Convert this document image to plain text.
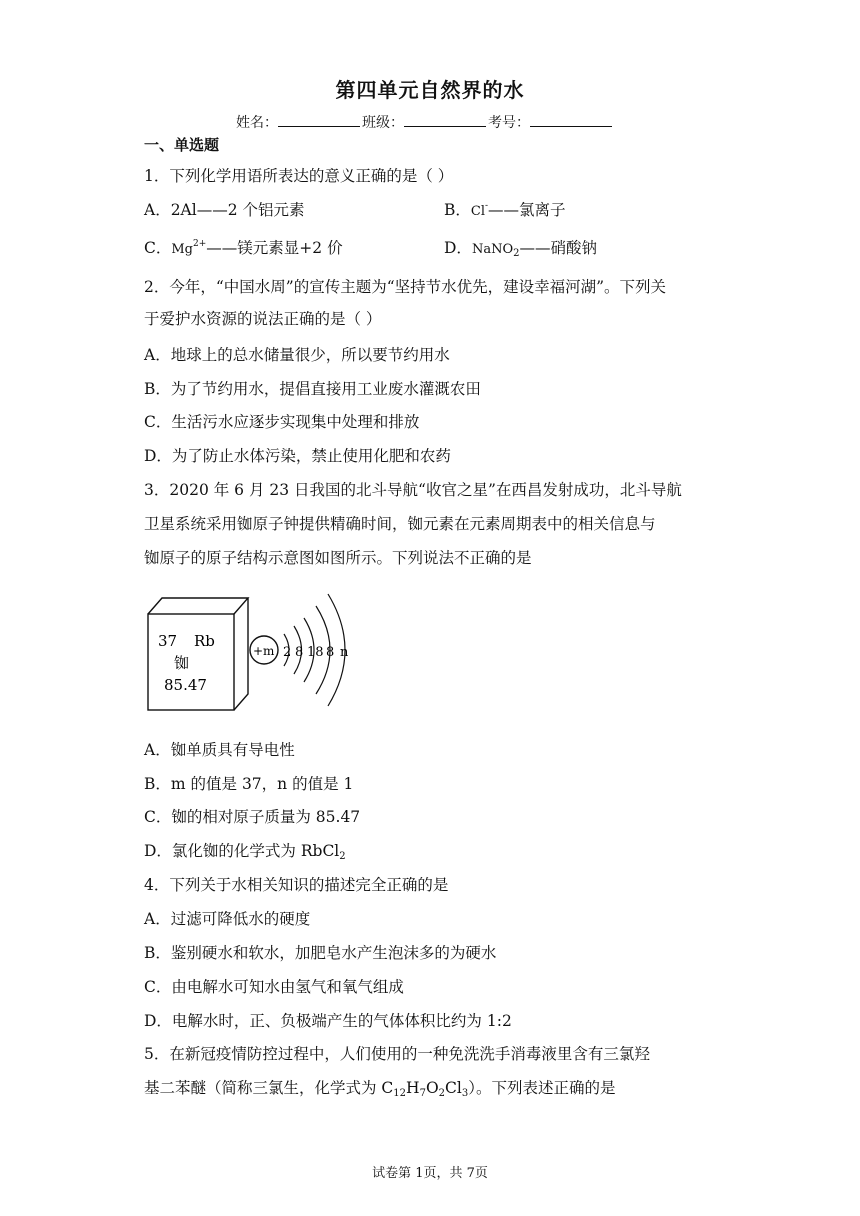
第四单元自然界的水
姓名：	班级：	考号：
一、单选题
1．下列化学用语所表达的意义正确的是（ ）
A．2Al——2 个铝元素	B．Cl-——氯离子
C．$Mg^{2+}——$镁元素显+2 价	D．NaNO$_2$——硝酸钠
2．今年，“中国水周”的宣传主题为“坚持节水优先，建设幸福河湖”。下列关
于爱护水资源的说法正确的是（ ）
A．地球上的总水储量很少，所以要节约用水
B．为了节约用水，提倡直接用工业废水灌溉农田
C．生活污水应逐步实现集中处理和排放
D．为了防止水体污染，禁止使用化肥和农药
3．2020 年 6 月 23 日我国的北斗导航“收官之星”在西昌发射成功，北斗导航
卫星系统采用铷原子钟提供精确时间，铷元素在元素周期表中的相关信息与
铷原子的原子结构示意图如图所示。下列说法不正确的是
37 Rb
铷
85.47
+m 2 8 18 8 n
A．铷单质具有导电性
B．m 的值是 37，n 的值是 1
C．铷的相对原子质量为 85.47
D．氯化铷的化学式为 RbCl$_2$
4．下列关于水相关知识的描述完全正确的是
A．过滤可降低水的硬度
B．鉴别硬水和软水，加肥皂水产生泡沫多的为硬水
C．由电解水可知水由氢气和氧气组成
D．电解水时，正、负极端产生的气体体积比约为 1:2
5．在新冠疫情防控过程中，人们使用的一种免洗洗手消毒液里含有三氯羟
基二苯醚（简称三氯生，化学式为 $C_{12}H_7O_2Cl_3$）。下列表述正确的是
试卷第 1页，共 7页
